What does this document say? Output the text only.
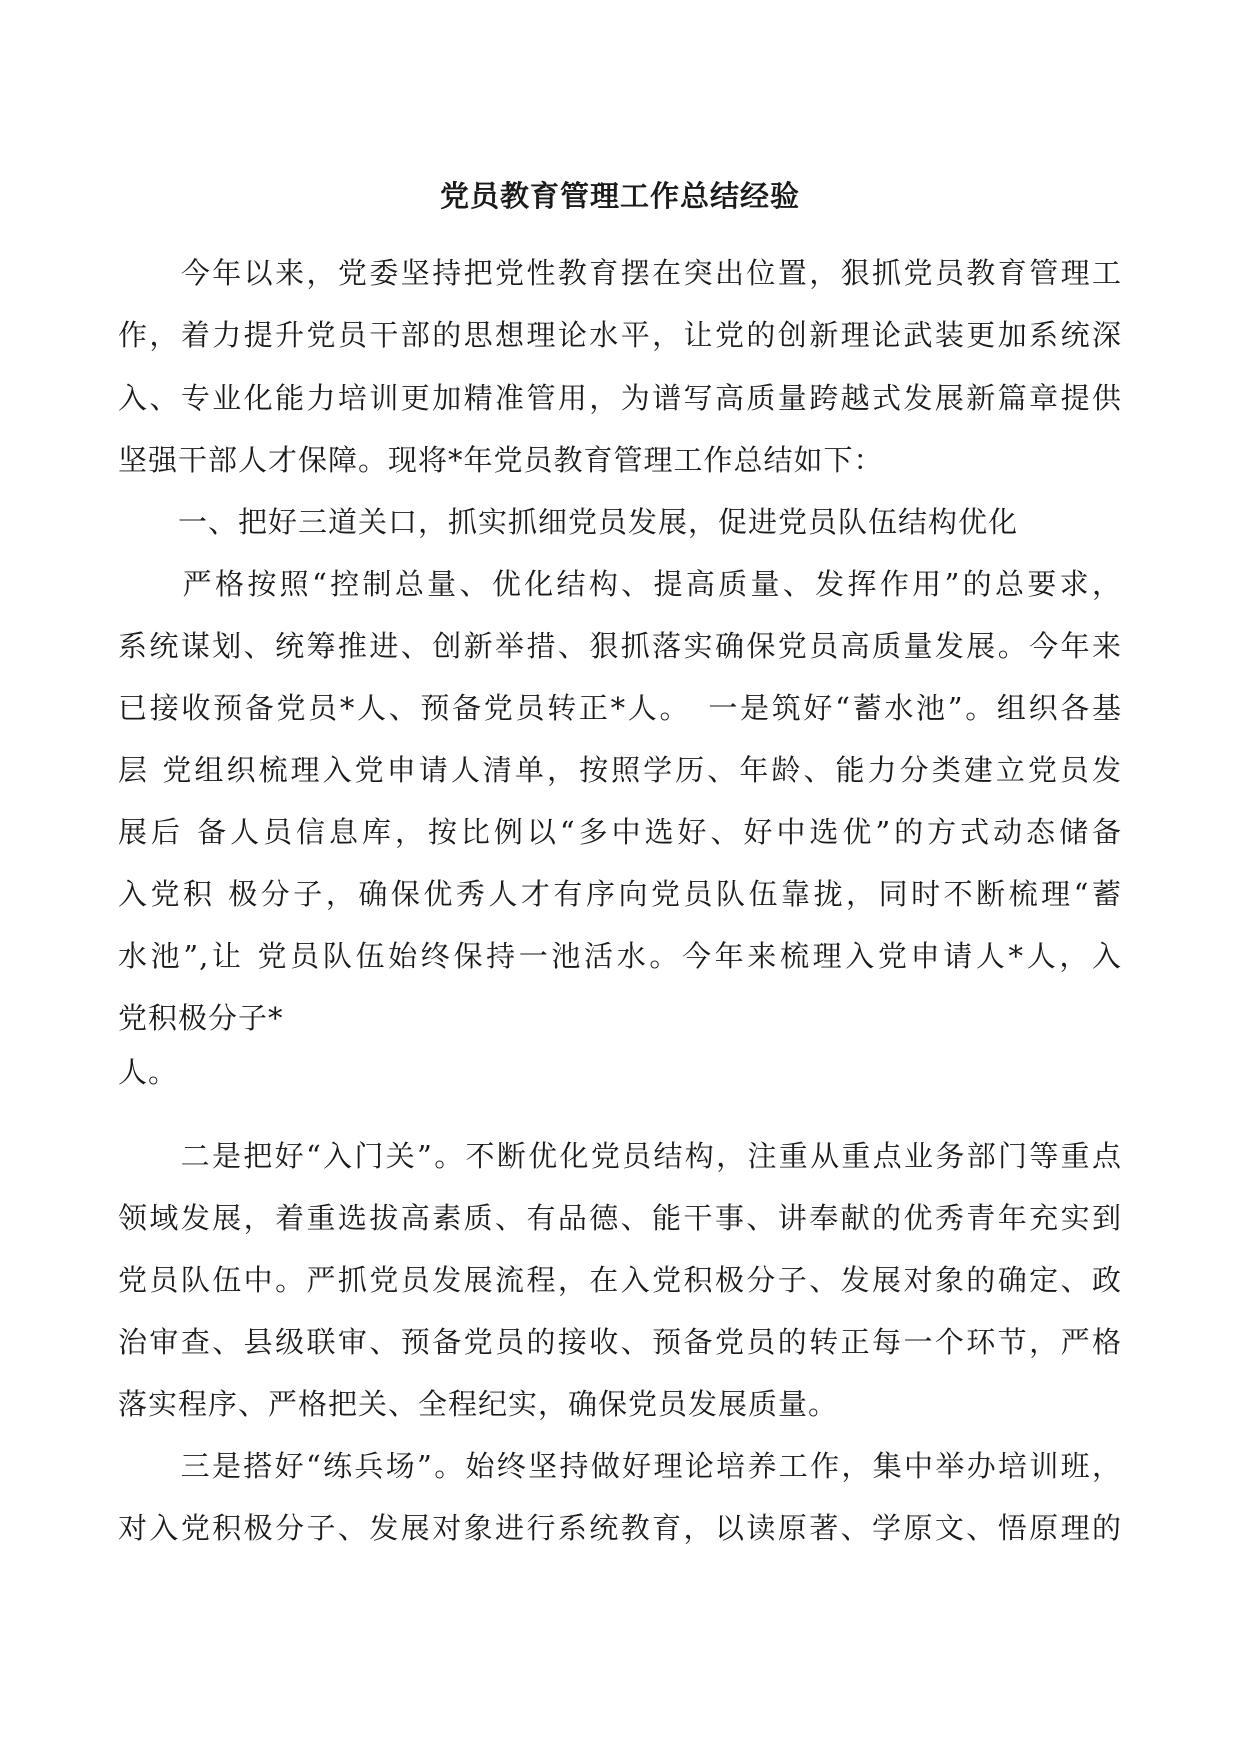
党员教育管理工作总结经验
　　今年以来，党委坚持把党性教育摆在突出位置，狠抓党员教育管理工
作，着力提升党员干部的思想理论水平，让党的创新理论武装更加系统深
入、专业化能力培训更加精准管用，为谱写高质量跨越式发展新篇章提供
坚强干部人才保障。现将*年党员教育管理工作总结如下：
　　一、把好三道关口，抓实抓细党员发展，促进党员队伍结构优化
　　严格按照“控制总量、优化结构、提高质量、发挥作用”的总要求，
系统谋划、统筹推进、创新举措、狠抓落实确保党员高质量发展。今年来
已接收预备党员*人、预备党员转正*人。　一是筑好“蓄水池”。组织各基
层 党组织梳理入党申请人清单，按照学历、年龄、能力分类建立党员发
展后 备人员信息库，按比例以“多中选好、好中选优”的方式动态储备
入党积 极分子，确保优秀人才有序向党员队伍靠拢，同时不断梳理“蓄
水池”,让 党员队伍始终保持一池活水。今年来梳理入党申请人*人，入
党积极分子*
人。
　　二是把好“入门关”。不断优化党员结构，注重从重点业务部门等重点
领域发展，着重选拔高素质、有品德、能干事、讲奉献的优秀青年充实到
党员队伍中。严抓党员发展流程，在入党积极分子、发展对象的确定、政
治审查、县级联审、预备党员的接收、预备党员的转正每一个环节，严格
落实程序、严格把关、全程纪实，确保党员发展质量。
　　三是搭好“练兵场”。始终坚持做好理论培养工作，集中举办培训班，
对入党积极分子、发展对象进行系统教育，以读原著、学原文、悟原理的
